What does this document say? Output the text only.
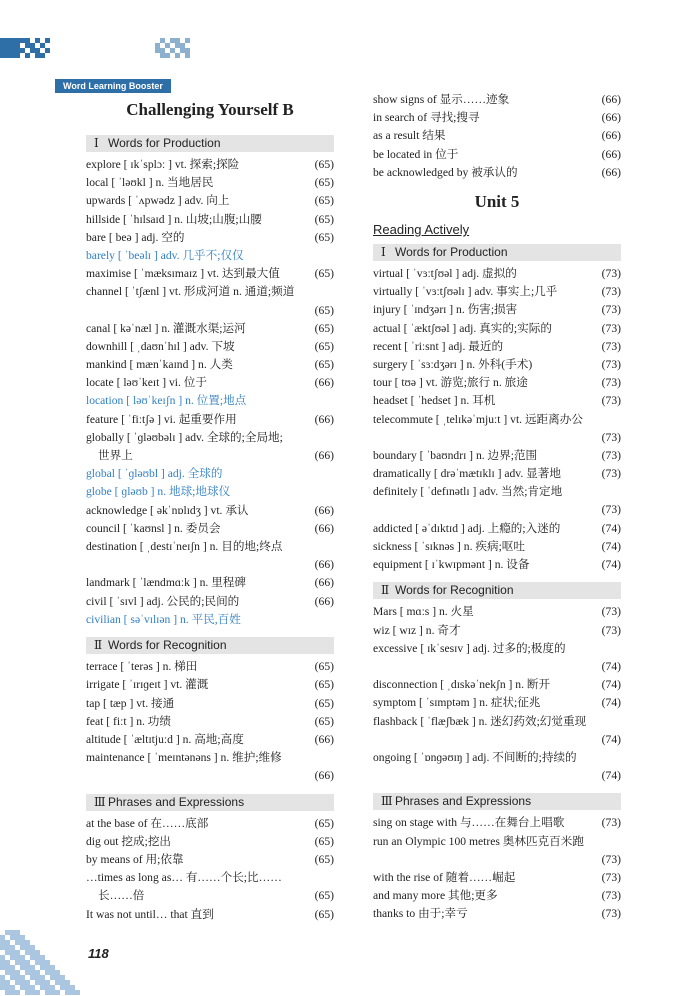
Word Learning Booster
Challenging Yourself B
Ⅰ Words for Production
explore [ ɪkˈsplɔː ] vt. 探索;探险	(65)
local [ ˈləʊkl ] n. 当地居民	(65)
upwards [ ˈʌpwədz ] adv. 向上	(65)
hillside [ ˈhɪlsaɪd ] n. 山坡;山腹;山腰	(65)
bare [ beə ] adj. 空的	(65)
barely [ ˈbeəlɪ ] adv. 几乎不;仅仅
maximise [ ˈmæksɪmaɪz ] vt. 达到最大值	(65)
channel [ ˈtʃænl ] vt. 形成河道 n. 通道;频道
(65)
canal [ kəˈnæl ] n. 灌溉水渠;运河	(65)
downhill [ ˌdaʊnˈhɪl ] adv. 下坡	(65)
mankind [ mænˈkaɪnd ] n. 人类	(65)
locate [ ləʊˈkeɪt ] vi. 位于	(66)
location [ ləʊˈkeɪʃn ] n. 位置;地点
feature [ ˈfiːtʃə ] vi. 起重要作用	(66)
globally [ ˈɡləʊbəlɪ ] adv. 全球的;全局地;
世界上	(66)
global [ ˈɡləʊbl ] adj. 全球的
globe [ ɡləʊb ] n. 地球;地球仪
acknowledge [ əkˈnɒlɪdʒ ] vt. 承认	(66)
council [ ˈkaʊnsl ] n. 委员会	(66)
destination [ ˌdestɪˈneɪʃn ] n. 目的地;终点
(66)
landmark [ ˈlændmɑːk ] n. 里程碑	(66)
civil [ ˈsɪvl ] adj. 公民的;民间的	(66)
civilian [ səˈvɪlɪən ] n. 平民,百姓
Ⅱ Words for Recognition
terrace [ ˈterəs ] n. 梯田	(65)
irrigate [ ˈɪrɪɡeɪt ] vt. 灌溉	(65)
tap [ tæp ] vt. 接通	(65)
feat [ fiːt ] n. 功绩	(65)
altitude [ ˈæltɪtjuːd ] n. 高地;高度	(66)
maintenance [ ˈmeɪntənəns ] n. 维护;维修
(66)
Ⅲ Phrases and Expressions
at the base of 在……底部	(65)
dig out 挖成;挖出	(65)
by means of 用;依靠	(65)
…times as long as… 有……个长;比……
长……倍	(65)
It was not until… that 直到	(65)
show signs of 显示……迹象	(66)
in search of 寻找;搜寻	(66)
as a result 结果	(66)
be located in 位于	(66)
be acknowledged by 被承认的	(66)
Unit 5
Reading Actively
Ⅰ Words for Production
virtual [ ˈvɜːtʃʊəl ] adj. 虚拟的	(73)
virtually [ ˈvɜːtʃʊəlɪ ] adv. 事实上;几乎	(73)
injury [ ˈɪndʒərɪ ] n. 伤害;损害	(73)
actual [ ˈæktʃʊəl ] adj. 真实的;实际的	(73)
recent [ ˈriːsnt ] adj. 最近的	(73)
surgery [ ˈsɜːdʒərɪ ] n. 外科(手术)	(73)
tour [ tʊə ] vt. 游览;旅行 n. 旅途	(73)
headset [ ˈhedset ] n. 耳机	(73)
telecommute [ ˌtelɪkəˈmjuːt ] vt. 远距离办公
(73)
boundary [ ˈbaʊndrɪ ] n. 边界;范围	(73)
dramatically [ drəˈmætɪklɪ ] adv. 显著地	(73)
definitely [ ˈdefɪnətlɪ ] adv. 当然;肯定地
(73)
addicted [ əˈdɪktɪd ] adj. 上瘾的;入迷的	(74)
sickness [ ˈsɪknəs ] n. 疾病;呕吐	(74)
equipment [ ɪˈkwɪpmənt ] n. 设备	(74)
Ⅱ Words for Recognition
Mars [ mɑːs ] n. 火星	(73)
wiz [ wɪz ] n. 奇才	(73)
excessive [ ɪkˈsesɪv ] adj. 过多的;极度的
(74)
disconnection [ ˌdɪskəˈnekʃn ] n. 断开	(74)
symptom [ ˈsɪmptəm ] n. 症状;征兆	(74)
flashback [ ˈflæʃbæk ] n. 迷幻药效;幻觉重现
(74)
ongoing [ ˈɒnɡəʊɪŋ ] adj. 不间断的;持续的
(74)
Ⅲ Phrases and Expressions
sing on stage with 与……在舞台上唱歌	(73)
run an Olympic 100 metres 奥林匹克百米跑
(73)
with the rise of 随着……崛起	(73)
and many more 其他;更多	(73)
thanks to 由于;幸亏	(73)
118
